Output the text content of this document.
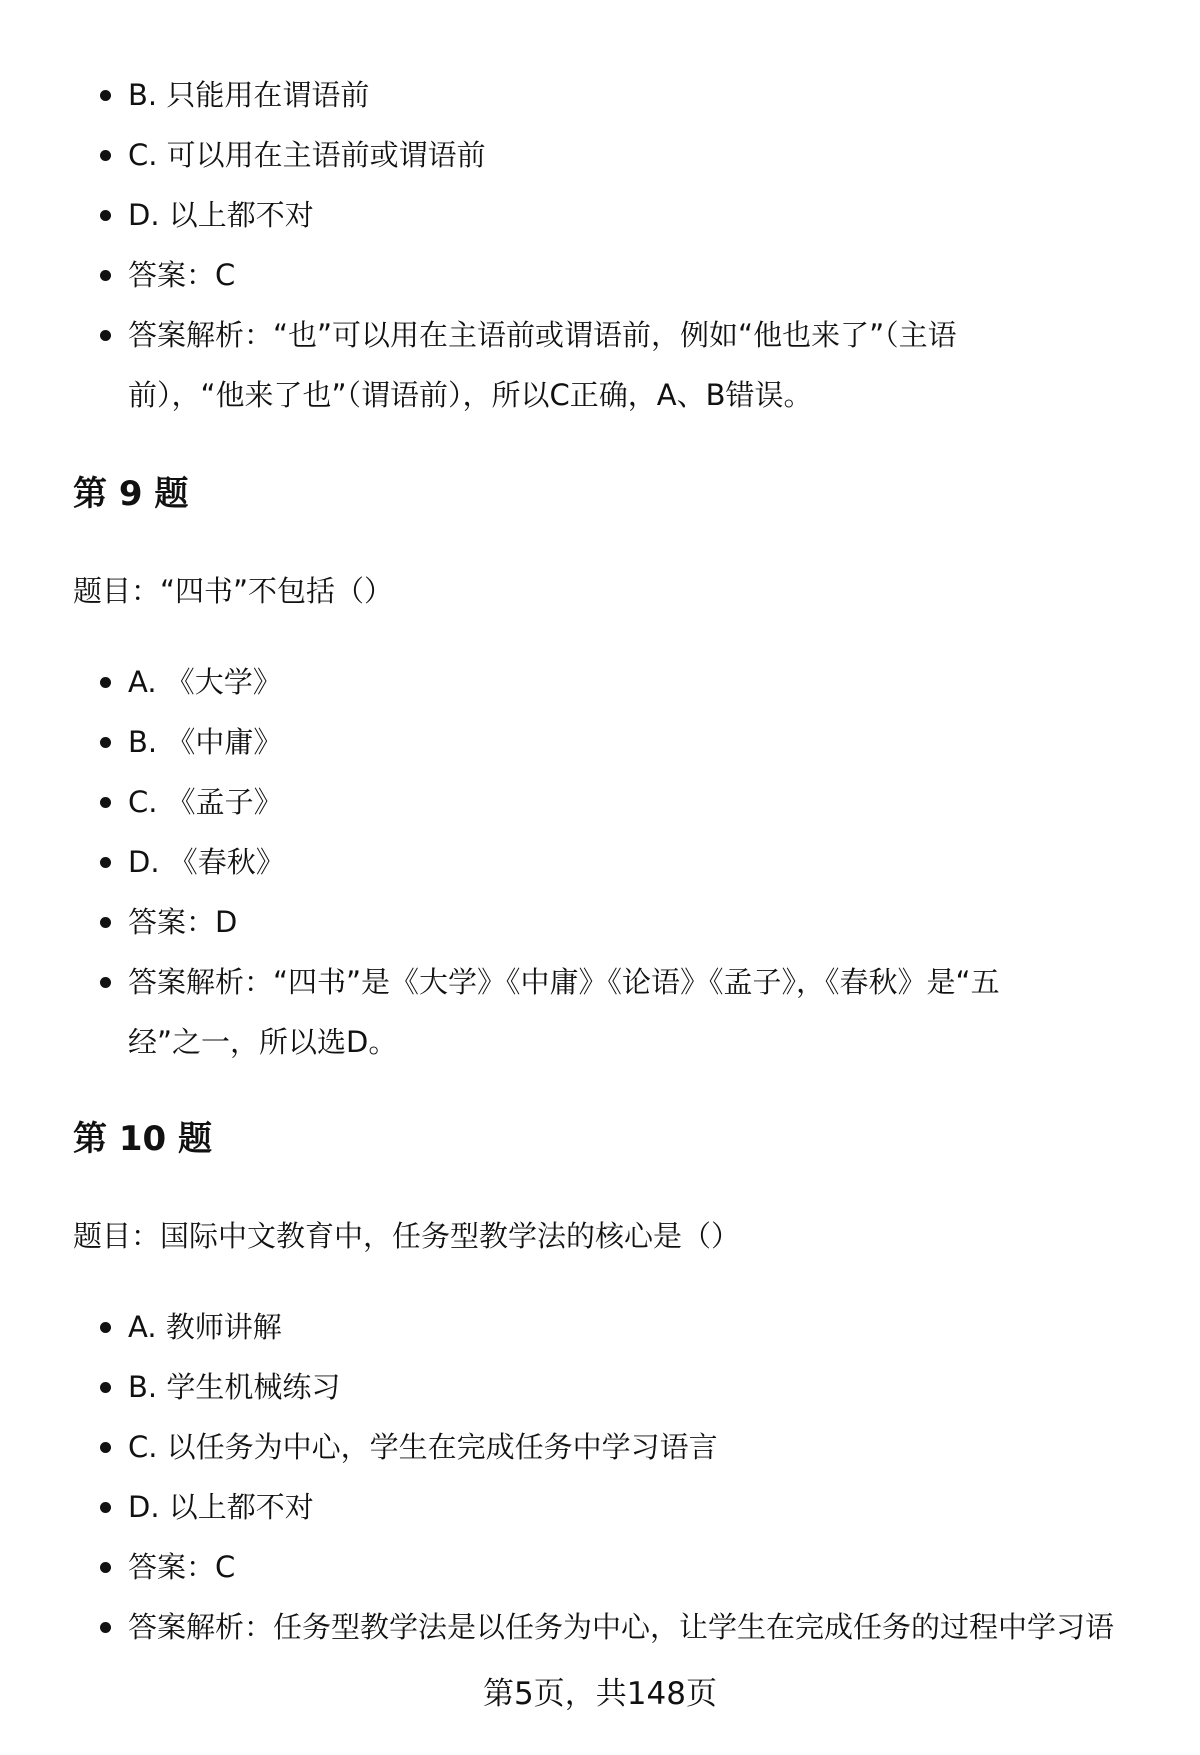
B. 只能用在谓语前
C. 可以用在主语前或谓语前
D. 以上都不对
答案：C
答案解析：“也”可以用在主语前或谓语前，例如“他也来了”（主语
前），“他来了也”（谓语前），所以C正确，A、B错误。
第 9 题

题目：“四书”不包括（）

A. 《大学》
B. 《中庸》
C. 《孟子》
D. 《春秋》
答案：D
答案解析：“四书”是《大学》《中庸》《论语》《孟子》，《春秋》是“五
经”之一，所以选D。
第 10 题

题目：国际中文教育中，任务型教学法的核心是（）

A. 教师讲解
B. 学生机械练习
C. 以任务为中心，学生在完成任务中学习语言
D. 以上都不对
答案：C
答案解析：任务型教学法是以任务为中心，让学生在完成任务的过程中学习语
第5页，共148页
